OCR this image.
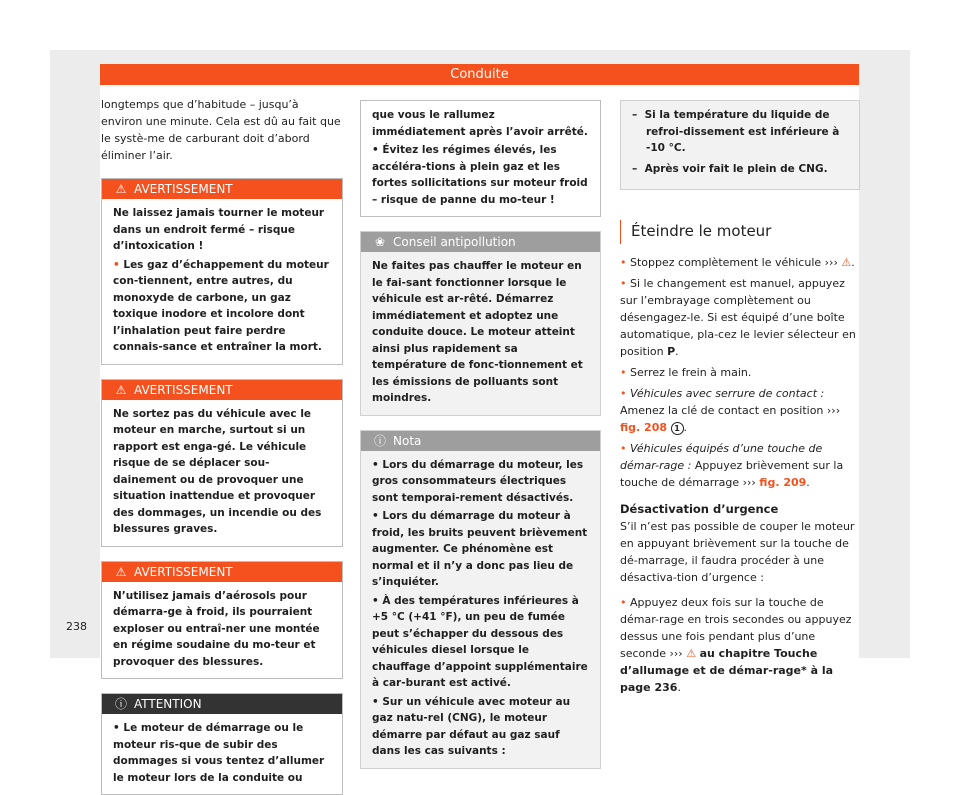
Conduite

longtemps que d’habitude – jusqu’à environ une minute. Cela est dû au fait que le systè-me de carburant doit d’abord éliminer l’air.

⚠ AVERTISSEMENT

Ne laissez jamais tourner le moteur dans un endroit fermé – risque d’intoxication !

• Les gaz d’échappement du moteur con-tiennent, entre autres, du monoxyde de carbone, un gaz toxique inodore et incolore dont l’inhalation peut faire perdre connais-sance et entraîner la mort.

⚠ AVERTISSEMENT

Ne sortez pas du véhicule avec le moteur en marche, surtout si un rapport est enga-gé. Le véhicule risque de se déplacer sou-dainement ou de provoquer une situation inattendue et provoquer des dommages, un incendie ou des blessures graves.

⚠ AVERTISSEMENT

N’utilisez jamais d’aérosols pour démarra-ge à froid, ils pourraient exploser ou entraî-ner une montée en régime soudaine du mo-teur et provoquer des blessures.

ⓘ ATTENTION

• Le moteur de démarrage ou le moteur ris-que de subir des dommages si vous tentez d’allumer le moteur lors de la conduite ou

que vous le rallumez immédiatement après l’avoir arrêté.

• Évitez les régimes élevés, les accéléra-tions à plein gaz et les fortes sollicitations sur moteur froid – risque de panne du mo-teur !

❀ Conseil antipollution

Ne faites pas chauffer le moteur en le fai-sant fonctionner lorsque le véhicule est ar-rêté. Démarrez immédiatement et adoptez une conduite douce. Le moteur atteint ainsi plus rapidement sa température de fonc-tionnement et les émissions de polluants sont moindres.

ⓘ Nota

• Lors du démarrage du moteur, les gros consommateurs électriques sont temporai-rement désactivés.

• Lors du démarrage du moteur à froid, les bruits peuvent brièvement augmenter. Ce phénomène est normal et il n’y a donc pas lieu de s’inquiéter.

• À des températures inférieures à +5 °C (+41 °F), un peu de fumée peut s’échapper du dessous des véhicules diesel lorsque le chauffage d’appoint supplémentaire à car-burant est activé.

• Sur un véhicule avec moteur au gaz natu-rel (CNG), le moteur démarre par défaut au gaz sauf dans les cas suivants :

– Si la température du liquide de refroi-dissement est inférieure à -10 °C.

– Après voir fait le plein de CNG.

Éteindre le moteur

• Stoppez complètement le véhicule ››› ⚠.

• Si le changement est manuel, appuyez sur l’embrayage complètement ou désengagez-le. Si est équipé d’une boîte automatique, pla-cez le levier sélecteur en position P.

• Serrez le frein à main.

• Véhicules avec serrure de contact : Amenez la clé de contact en position ››› fig. 208 1 .

• Véhicules équipés d’une touche de démar-rage : Appuyez brièvement sur la touche de démarrage ››› fig. 209.

Désactivation d’urgence

S’il n’est pas possible de couper le moteur en appuyant brièvement sur la touche de dé-marrage, il faudra procéder à une désactiva-tion d’urgence :

• Appuyez deux fois sur la touche de démar-rage en trois secondes ou appuyez dessus une fois pendant plus d’une seconde ››› ⚠ au chapitre Touche d’allumage et de démar-rage* à la page 236.

238
